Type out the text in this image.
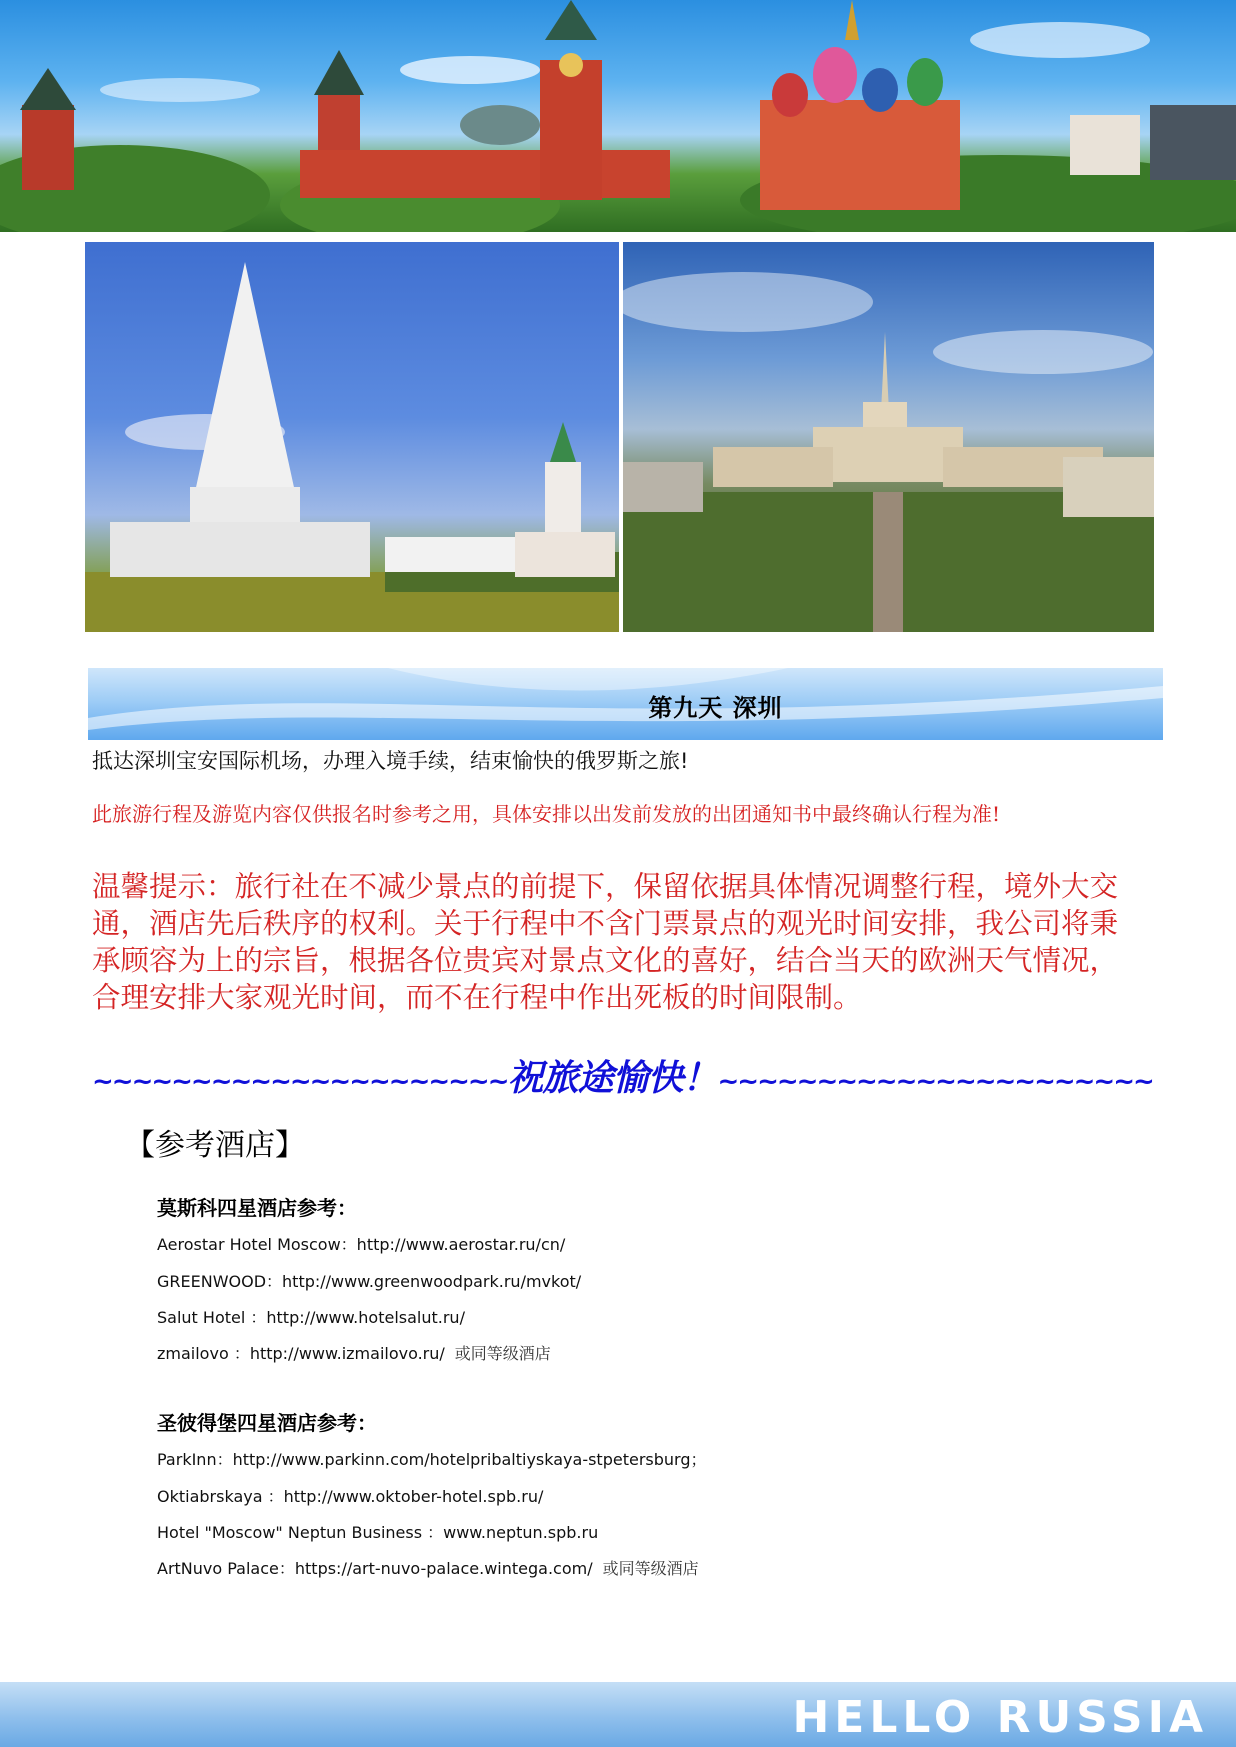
第九天 深圳
抵达深圳宝安国际机场，办理入境手续，结束愉快的俄罗斯之旅!
此旅游行程及游览内容仅供报名时参考之用，具体安排以出发前发放的出团通知书中最终确认行程为准!
温馨提示：旅行社在不减少景点的前提下，保留依据具体情况调整行程，境外大交通，酒店先后秩序的权利。关于行程中不含门票景点的观光时间安排，我公司将秉承顾容为上的宗旨，根据各位贵宾对景点文化的喜好，结合当天的欧洲天气情况，合理安排大家观光时间，而不在行程中作出死板的时间限制。
~~~~~~~~~~~~~~~~~~~~~祝旅途愉快！~~~~~~~~~~~~~~~~~~~~~~
【参考酒店】
莫斯科四星酒店参考：
Aerostar Hotel Moscow：http://www.aerostar.ru/cn/
GREENWOOD：http://www.greenwoodpark.ru/mvkot/
Salut Hotel ：http://www.hotelsalut.ru/
zmailovo ：http://www.izmailovo.ru/ 或同等级酒店
圣彼得堡四星酒店参考：
ParkInn：http://www.parkinn.com/hotelpribaltiyskaya-stpetersburg；
Oktiabrskaya ：http://www.oktober-hotel.spb.ru/
Hotel "Moscow" Neptun Business ：www.neptun.spb.ru
ArtNuvo Palace：https://art-nuvo-palace.wintega.com/ 或同等级酒店
HELLO RUSSIA
